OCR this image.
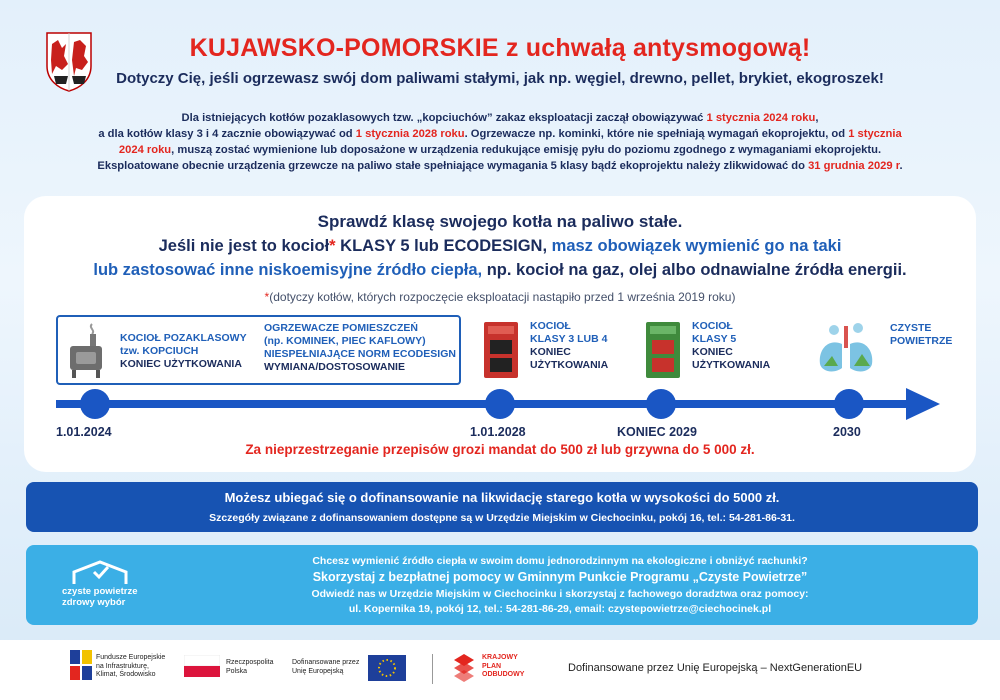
KUJAWSKO-POMORSKIE z uchwałą antysmogową!
Dotyczy Cię, jeśli ogrzewasz swój dom paliwami stałymi, jak np. węgiel, drewno, pellet, brykiet, ekogroszek!
Dla istniejących kotłów pozaklasowych tzw. „kopciuchów” zakaz eksploatacji zaczął obowiązywać 1 stycznia 2024 roku,
a dla kotłów klasy 3 i 4 zacznie obowiązywać od 1 stycznia 2028 roku. Ogrzewacze np. kominki, które nie spełniają wymagań ekoprojektu, od 1 stycznia
2024 roku, muszą zostać wymienione lub doposażone w urządzenia redukujące emisję pyłu do poziomu zgodnego z wymaganiami ekoprojektu.
Eksploatowane obecnie urządzenia grzewcze na paliwo stałe spełniające wymagania 5 klasy bądź ekoprojektu należy zlikwidować do 31 grudnia 2029 r.
Sprawdź klasę swojego kotła na paliwo stałe.
Jeśli nie jest to kocioł* KLASY 5 lub ECODESIGN, masz obowiązek wymienić go na taki
lub zastosować inne niskoemisyjne źródło ciepła, np. kocioł na gaz, olej albo odnawialne źródła energii.
*(dotyczy kotłów, których rozpoczęcie eksploatacji nastąpiło przed 1 września 2019 roku)
KOCIOŁ POZAKLASOWY
tzw. KOPCIUCH
KONIEC UŻYTKOWANIA
OGRZEWACZE POMIESZCZEŃ
(np. KOMINEK, PIEC KAFLOWY)
NIESPEŁNIAJĄCE NORM ECODESIGN
WYMIANA/DOSTOSOWANIE
KOCIOŁ
KLASY 3 LUB 4
KONIEC
UŻYTKOWANIA
KOCIOŁ
KLASY 5
KONIEC
UŻYTKOWANIA
CZYSTE
POWIETRZE
1.01.2024	1.01.2028	KONIEC 2029	2030
Za nieprzestrzeganie przepisów grozi mandat do 500 zł lub grzywna do 5 000 zł.
Możesz ubiegać się o dofinansowanie na likwidację starego kotła w wysokości do 5000 zł.
Szczegóły związane z dofinansowaniem dostępne są w Urzędzie Miejskim w Ciechocinku, pokój 16, tel.: 54-281-86-31.
czyste powietrze
zdrowy wybór
Chcesz wymienić źródło ciepła w swoim domu jednorodzinnym na ekologiczne i obniżyć rachunki?
Skorzystaj z bezpłatnej pomocy w Gminnym Punkcie Programu „Czyste Powietrze”
Odwiedź nas w Urzędzie Miejskim w Ciechocinku i skorzystaj z fachowego doradztwa oraz pomocy:
ul. Kopernika 19, pokój 12, tel.: 54-281-86-29, email: czystepowietrze@ciechocinek.pl
Fundusze Europejskie
na Infrastrukturę,
Klimat, Środowisko
Rzeczpospolita
Polska
Dofinansowane przez
Unię Europejską
KRAJOWY
PLAN
ODBUDOWY
Dofinansowane przez Unię Europejską – NextGenerationEU
